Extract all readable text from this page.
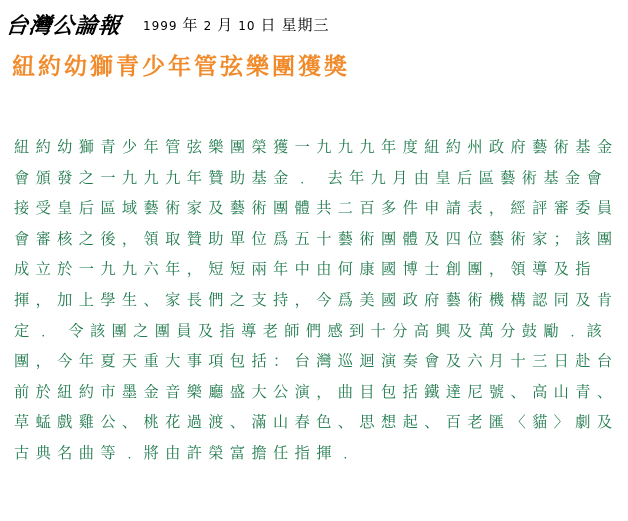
台灣公論報 1999 年 2 月 10 日 星期三
紐約幼獅青少年管弦樂團獲獎

紐約幼獅青少年管弦樂團榮獲一九九九年度紐約州政府藝術基金會頒發之一九九九年贊助基金﹒ 去年九月由皇后區藝術基金會接受皇后區域藝術家及藝術團體共二百多件申請表，經評審委員會審核之後，領取贊助單位爲五十藝術團體及四位藝術家；該團成立於一九九六年，短短兩年中由何康國博士創團，領導及指揮，加上學生、家長們之支持，今爲美國政府藝術機構認同及肯定﹒ 令該團之團員及指導老師們感到十分高興及萬分鼓勵﹒該團，今年夏天重大事項包括：台灣巡迴演奏會及六月十三日赴台前於紐約市墨金音樂廳盛大公演，曲目包括鐵達尼號、高山青、草蜢戲雞公、桃花過渡、滿山春色、思想起、百老匯〈貓〉劇及古典名曲等﹒將由許榮富擔任指揮﹒
